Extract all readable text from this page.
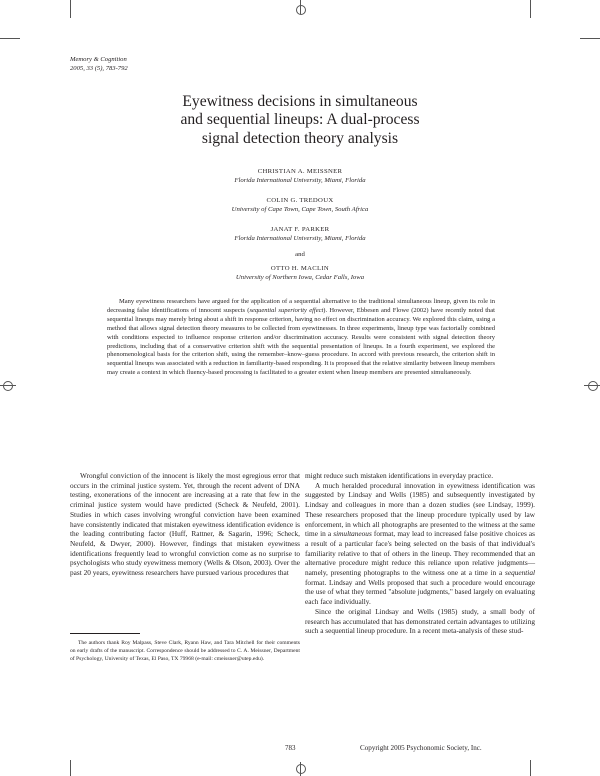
Memory & Cognition
2005, 33 (5), 783-792
Eyewitness decisions in simultaneous
and sequential lineups: A dual-process
signal detection theory analysis
CHRISTIAN A. MEISSNER
Florida International University, Miami, Florida
COLIN G. TREDOUX
University of Cape Town, Cape Town, South Africa
JANAT F. PARKER
Florida International University, Miami, Florida
and
OTTO H. MACLIN
University of Northern Iowa, Cedar Falls, Iowa
Many eyewitness researchers have argued for the application of a sequential alternative to the traditional simultaneous lineup, given its role in decreasing false identifications of innocent suspects (sequential superiority effect). However, Ebbesen and Flowe (2002) have recently noted that sequential lineups may merely bring about a shift in response criterion, having no effect on discrimination accuracy. We explored this claim, using a method that allows signal detection theory measures to be collected from eyewitnesses. In three experiments, lineup type was factorially combined with conditions expected to influence response criterion and/or discrimination accuracy. Results were consistent with signal detection theory predictions, including that of a conservative criterion shift with the sequential presentation of lineups. In a fourth experiment, we explored the phenomenological basis for the criterion shift, using the remember–know–guess procedure. In accord with previous research, the criterion shift in sequential lineups was associated with a reduction in familiarity-based responding. It is proposed that the relative similarity between lineup members may create a context in which fluency-based processing is facilitated to a greater extent when lineup members are presented simultaneously.

Wrongful conviction of the innocent is likely the most egregious error that occurs in the criminal justice system. Yet, through the recent advent of DNA testing, exonerations of the innocent are increasing at a rate that few in the criminal justice system would have predicted (Scheck & Neufeld, 2001). Studies in which cases involving wrongful conviction have been examined have consistently indicated that mistaken eyewitness identification evidence is the leading contributing factor (Huff, Rattner, & Sagarin, 1996; Scheck, Neufeld, & Dwyer, 2000). However, findings that mistaken eyewitness identifications frequently lead to wrongful conviction come as no surprise to psychologists who study eyewitness memory (Wells & Olson, 2003). Over the past 20 years, eyewitness researchers have pursued various procedures that

might reduce such mistaken identifications in everyday practice.

A much heralded procedural innovation in eyewitness identification was suggested by Lindsay and Wells (1985) and subsequently investigated by Lindsay and colleagues in more than a dozen studies (see Lindsay, 1999). These researchers proposed that the lineup procedure typically used by law enforcement, in which all photographs are presented to the witness at the same time in a simultaneous format, may lead to increased false positive choices as a result of a particular face's being selected on the basis of that individual's familiarity relative to that of others in the lineup. They recommended that an alternative procedure might reduce this reliance upon relative judgments—namely, presenting photographs to the witness one at a time in a sequential format. Lindsay and Wells proposed that such a procedure would encourage the use of what they termed "absolute judgments," based largely on evaluating each face individually.

Since the original Lindsay and Wells (1985) study, a small body of research has accumulated that has demonstrated certain advantages to utilizing such a sequential lineup procedure. In a recent meta-analysis of these stud-

The authors thank Roy Malpass, Steve Clark, Ryann Haw, and Tara Mitchell for their comments on early drafts of the manuscript. Correspondence should be addressed to C. A. Meissner, Department of Psychology, University of Texas, El Paso, TX 79968 (e-mail: cmeissner@utep.edu).
783	Copyright 2005 Psychonomic Society, Inc.
